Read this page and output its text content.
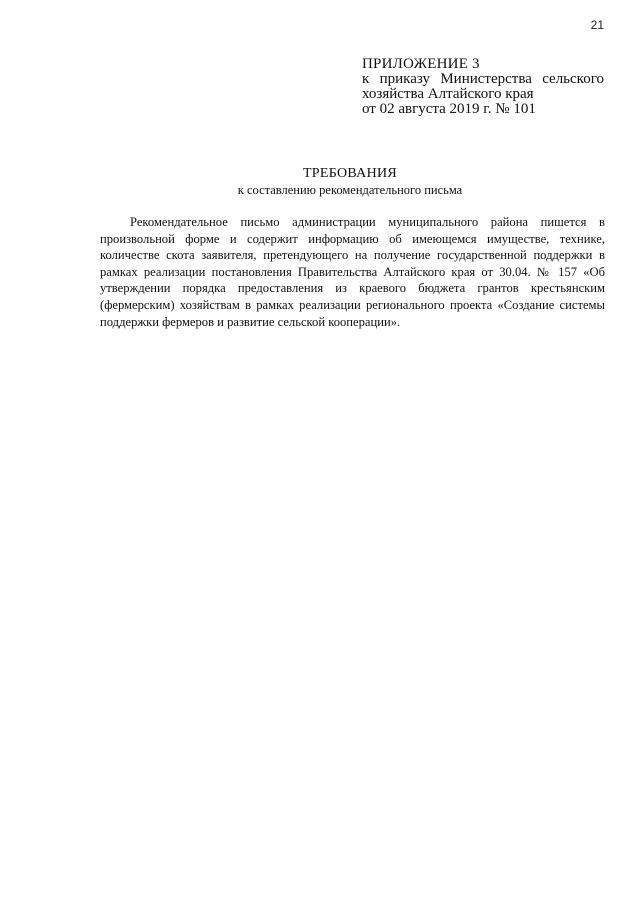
21
ПРИЛОЖЕНИЕ 3
к приказу Министерства сельского
хозяйства Алтайского края
от 02 августа 2019 г. № 101
ТРЕБОВАНИЯ
к составлению рекомендательного письма
Рекомендательное письмо администрации муниципального района пишется в
произвольной форме и содержит информацию об имеющемся имуществе, технике,
количестве скота заявителя, претендующего на получение государственной поддержки в
рамках реализации постановления Правительства Алтайского края от 30.04. № 157 «Об
утверждении порядка предоставления из краевого бюджета грантов крестьянским
(фермерским) хозяйствам в рамках реализации регионального проекта «Создание системы
поддержки фермеров и развитие сельской кооперации».
